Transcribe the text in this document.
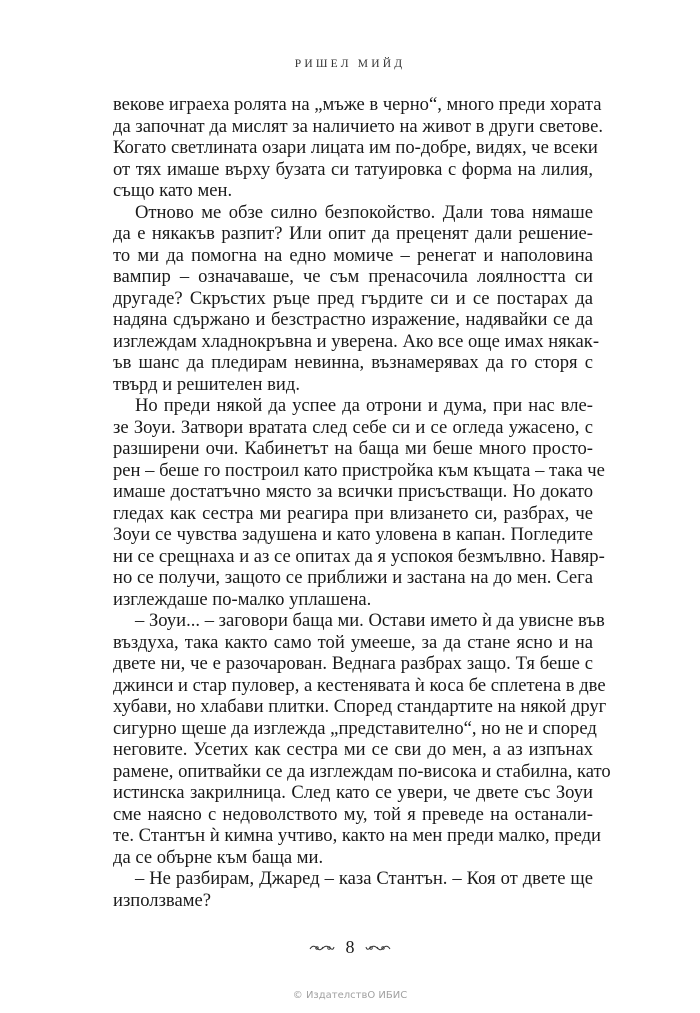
РИШЕЛ МИЙД
векове играеха ролята на „мъже в черно“, много преди хората
да започнат да мислят за наличието на живот в други светове.
Когато светлината озари лицата им по-добре, видях, че всеки
от тях имаше върху бузата си татуировка с форма на лилия,
също като мен.
Отново ме обзе силно безпокойство. Дали това нямаше
да е някакъв разпит? Или опит да преценят дали решение-
то ми да помогна на едно момиче – ренегат и наполовина
вампир – означаваше, че съм пренасочила лоялността си
другаде? Скръстих ръце пред гърдите си и се постарах да
надяна сдържано и безстрастно изражение, надявайки се да
изглеждам хладнокръвна и уверена. Ако все още имах някак-
ъв шанс да пледирам невинна, възнамерявах да го сторя с
твърд и решителен вид.
Но преди някой да успее да отрони и дума, при нас вле-
зе Зоуи. Затвори вратата след себе си и се огледа ужасено, с
разширени очи. Кабинетът на баща ми беше много просто-
рен – беше го построил като пристройка към къщата – така че
имаше достатъчно място за всички присъстващи. Но докато
гледах как сестра ми реагира при влизането си, разбрах, че
Зоуи се чувства задушена и като уловена в капан. Погледите
ни се срещнаха и аз се опитах да я успокоя безмълвно. Навяр-
но се получи, защото се приближи и застана на до мен. Сега
изглеждаше по-малко уплашена.
– Зоуи... – заговори баща ми. Остави името ѝ да увисне във
въздуха, така както само той умееше, за да стане ясно и на
двете ни, че е разочарован. Веднага разбрах защо. Тя беше с
джинси и стар пуловер, а кестенявата ѝ коса бе сплетена в две
хубави, но хлабави плитки. Според стандартите на някой друг
сигурно щеше да изглежда „представително“, но не и според
неговите. Усетих как сестра ми се сви до мен, а аз изпънах
рамене, опитвайки се да изглеждам по-висока и стабилна, като
истинска закрилница. След като се увери, че двете със Зоуи
сме наясно с недоволството му, той я преведе на останали-
те. Стантън ѝ кимна учтиво, както на мен преди малко, преди
да се обърне към баща ми.
– Не разбирам, Джаред – каза Стантън. – Коя от двете ще
използваме?
8
© ИздателствО ИБИС
